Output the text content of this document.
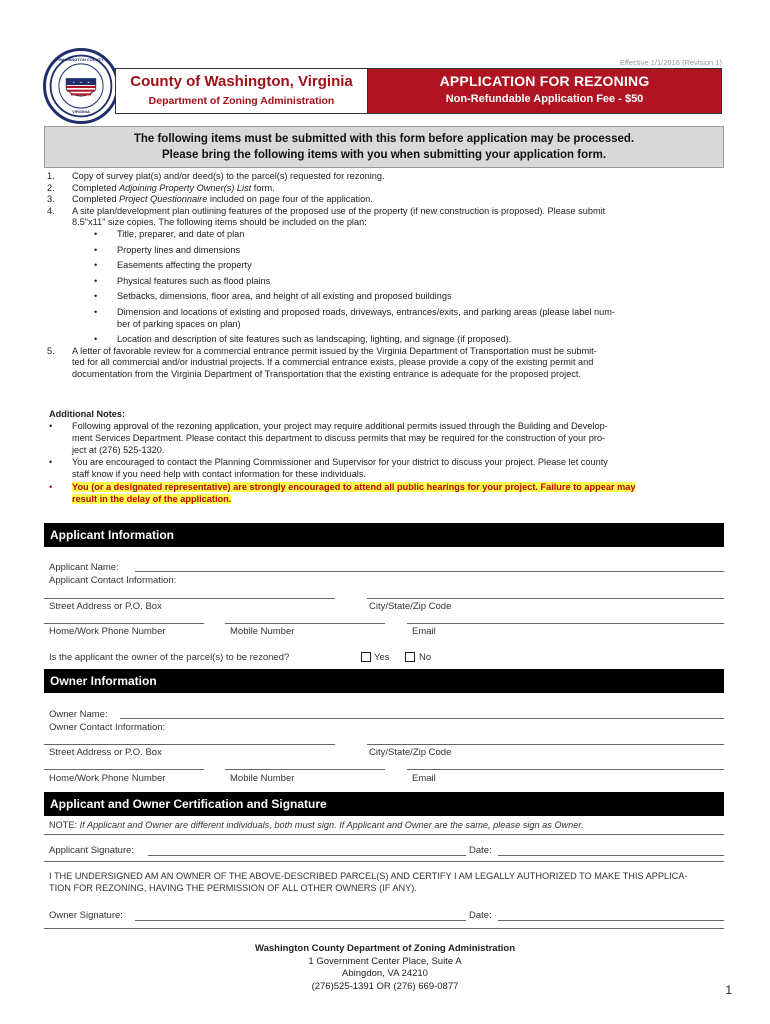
Effective 1/1/2016 (Revision 1)
WASHINGTON COUNTY
VIRGINIA
County of Washington, Virginia
Department of Zoning Administration
APPLICATION FOR REZONING
Non-Refundable Application Fee - $50
The following items must be submitted with this form before application may be processed.
Please bring the following items with you when submitting your application form.
1. Copy of survey plat(s) and/or deed(s) to the parcel(s) requested for rezoning.
2. Completed Adjoining Property Owner(s) List form.
3. Completed Project Questionnaire included on page four of the application.
4. A site plan/development plan outlining features of the proposed use of the property (if new construction is proposed). Please submit
8.5"x11" size copies. The following items should be included on the plan:
• Title, preparer, and date of plan
• Property lines and dimensions
• Easements affecting the property
• Physical features such as flood plains
• Setbacks, dimensions, floor area, and height of all existing and proposed buildings
• Dimension and locations of existing and proposed roads, driveways, entrances/exits, and parking areas (please label num-
ber of parking spaces on plan)
• Location and description of site features such as landscaping, lighting, and signage (if proposed).
5. A letter of favorable review for a commercial entrance permit issued by the Virginia Department of Transportation must be submit-
ted for all commercial and/or industrial projects. If a commercial entrance exists, please provide a copy of the existing permit and
documentation from the Virginia Department of Transportation that the existing entrance is adequate for the proposed project.
Additional Notes:
• Following approval of the rezoning application, your project may require additional permits issued through the Building and Develop-
ment Services Department. Please contact this department to discuss permits that may be required for the construction of your pro-
ject at (276) 525-1320.
• You are encouraged to contact the Planning Commissioner and Supervisor for your district to discuss your project. Please let county
staff know if you need help with contact information for these individuals.
• You (or a designated representative) are strongly encouraged to attend all public hearings for your project. Failure to appear may
result in the delay of the application.
Applicant Information
Applicant Name:
Applicant Contact Information:
Street Address or P.O. Box	City/State/Zip Code
Home/Work Phone Number	Mobile Number	Email
Is the applicant the owner of the parcel(s) to be rezoned?	Yes	No
Owner Information
Owner Name:
Owner Contact Information:
Street Address or P.O. Box	City/State/Zip Code
Home/Work Phone Number	Mobile Number	Email
Applicant and Owner Certification and Signature
NOTE: If Applicant and Owner are different individuals, both must sign. If Applicant and Owner are the same, please sign as Owner.
Applicant Signature:	Date:
I THE UNDERSIGNED AM AN OWNER OF THE ABOVE-DESCRIBED PARCEL(S) AND CERTIFY I AM LEGALLY AUTHORIZED TO MAKE THIS APPLICA-
TION FOR REZONING, HAVING THE PERMISSION OF ALL OTHER OWNERS (IF ANY).
Owner Signature:	Date:
Washington County Department of Zoning Administration
1 Government Center Place, Suite A
Abingdon, VA 24210
(276)525-1391 OR (276) 669-0877	1
